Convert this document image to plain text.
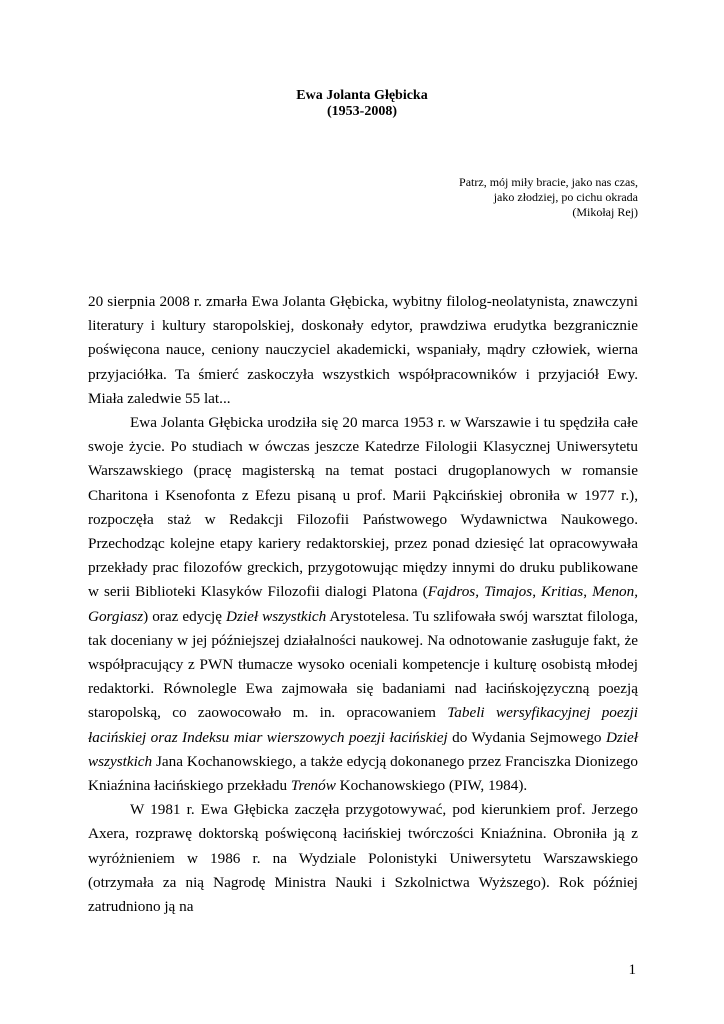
Ewa Jolanta Głębicka
(1953-2008)
Patrz, mój miły bracie, jako nas czas,
jako złodziej, po cichu okrada
(Mikołaj Rej)

20 sierpnia 2008 r. zmarła Ewa Jolanta Głębicka, wybitny filolog-neolatynista, znawczyni literatury i kultury staropolskiej, doskonały edytor, prawdziwa erudytka bezgranicznie poświęcona nauce, ceniony nauczyciel akademicki, wspaniały, mądry człowiek, wierna przyjaciółka. Ta śmierć zaskoczyła wszystkich współpracowników i przyjaciół Ewy. Miała zaledwie 55 lat...

Ewa Jolanta Głębicka urodziła się 20 marca 1953 r. w Warszawie i tu spędziła całe swoje życie. Po studiach w ówczas jeszcze Katedrze Filologii Klasycznej Uniwersytetu Warszawskiego (pracę magisterską na temat postaci drugoplanowych w romansie Charitona i Ksenofonta z Efezu pisaną u prof. Marii Pąkcińskiej obroniła w 1977 r.), rozpoczęła staż w Redakcji Filozofii Państwowego Wydawnictwa Naukowego. Przechodząc kolejne etapy kariery redaktorskiej, przez ponad dziesięć lat opracowywała przekłady prac filozofów greckich, przygotowując między innymi do druku publikowane w serii Biblioteki Klasyków Filozofii dialogi Platona (Fajdros, Timajos, Kritias, Menon, Gorgiasz) oraz edycję Dzieł wszystkich Arystotelesa. Tu szlifowała swój warsztat filologa, tak doceniany w jej późniejszej działalności naukowej. Na odnotowanie zasługuje fakt, że współpracujący z PWN tłumacze wysoko oceniali kompetencje i kulturę osobistą młodej redaktorki. Równolegle Ewa zajmowała się badaniami nad łacińskojęzyczną poezją staropolską, co zaowocowało m. in. opracowaniem Tabeli wersyfikacyjnej poezji łacińskiej oraz Indeksu miar wierszowych poezji łacińskiej do Wydania Sejmowego Dzieł wszystkich Jana Kochanowskiego, a także edycją dokonanego przez Franciszka Dionizego Kniaźnina łacińskiego przekładu Trenów Kochanowskiego (PIW, 1984).

W 1981 r. Ewa Głębicka zaczęła przygotowywać, pod kierunkiem prof. Jerzego Axera, rozprawę doktorską poświęconą łacińskiej twórczości Kniaźnina. Obroniła ją z wyróżnieniem w 1986 r. na Wydziale Polonistyki Uniwersytetu Warszawskiego (otrzymała za nią Nagrodę Ministra Nauki i Szkolnictwa Wyższego). Rok później zatrudniono ją na

1
